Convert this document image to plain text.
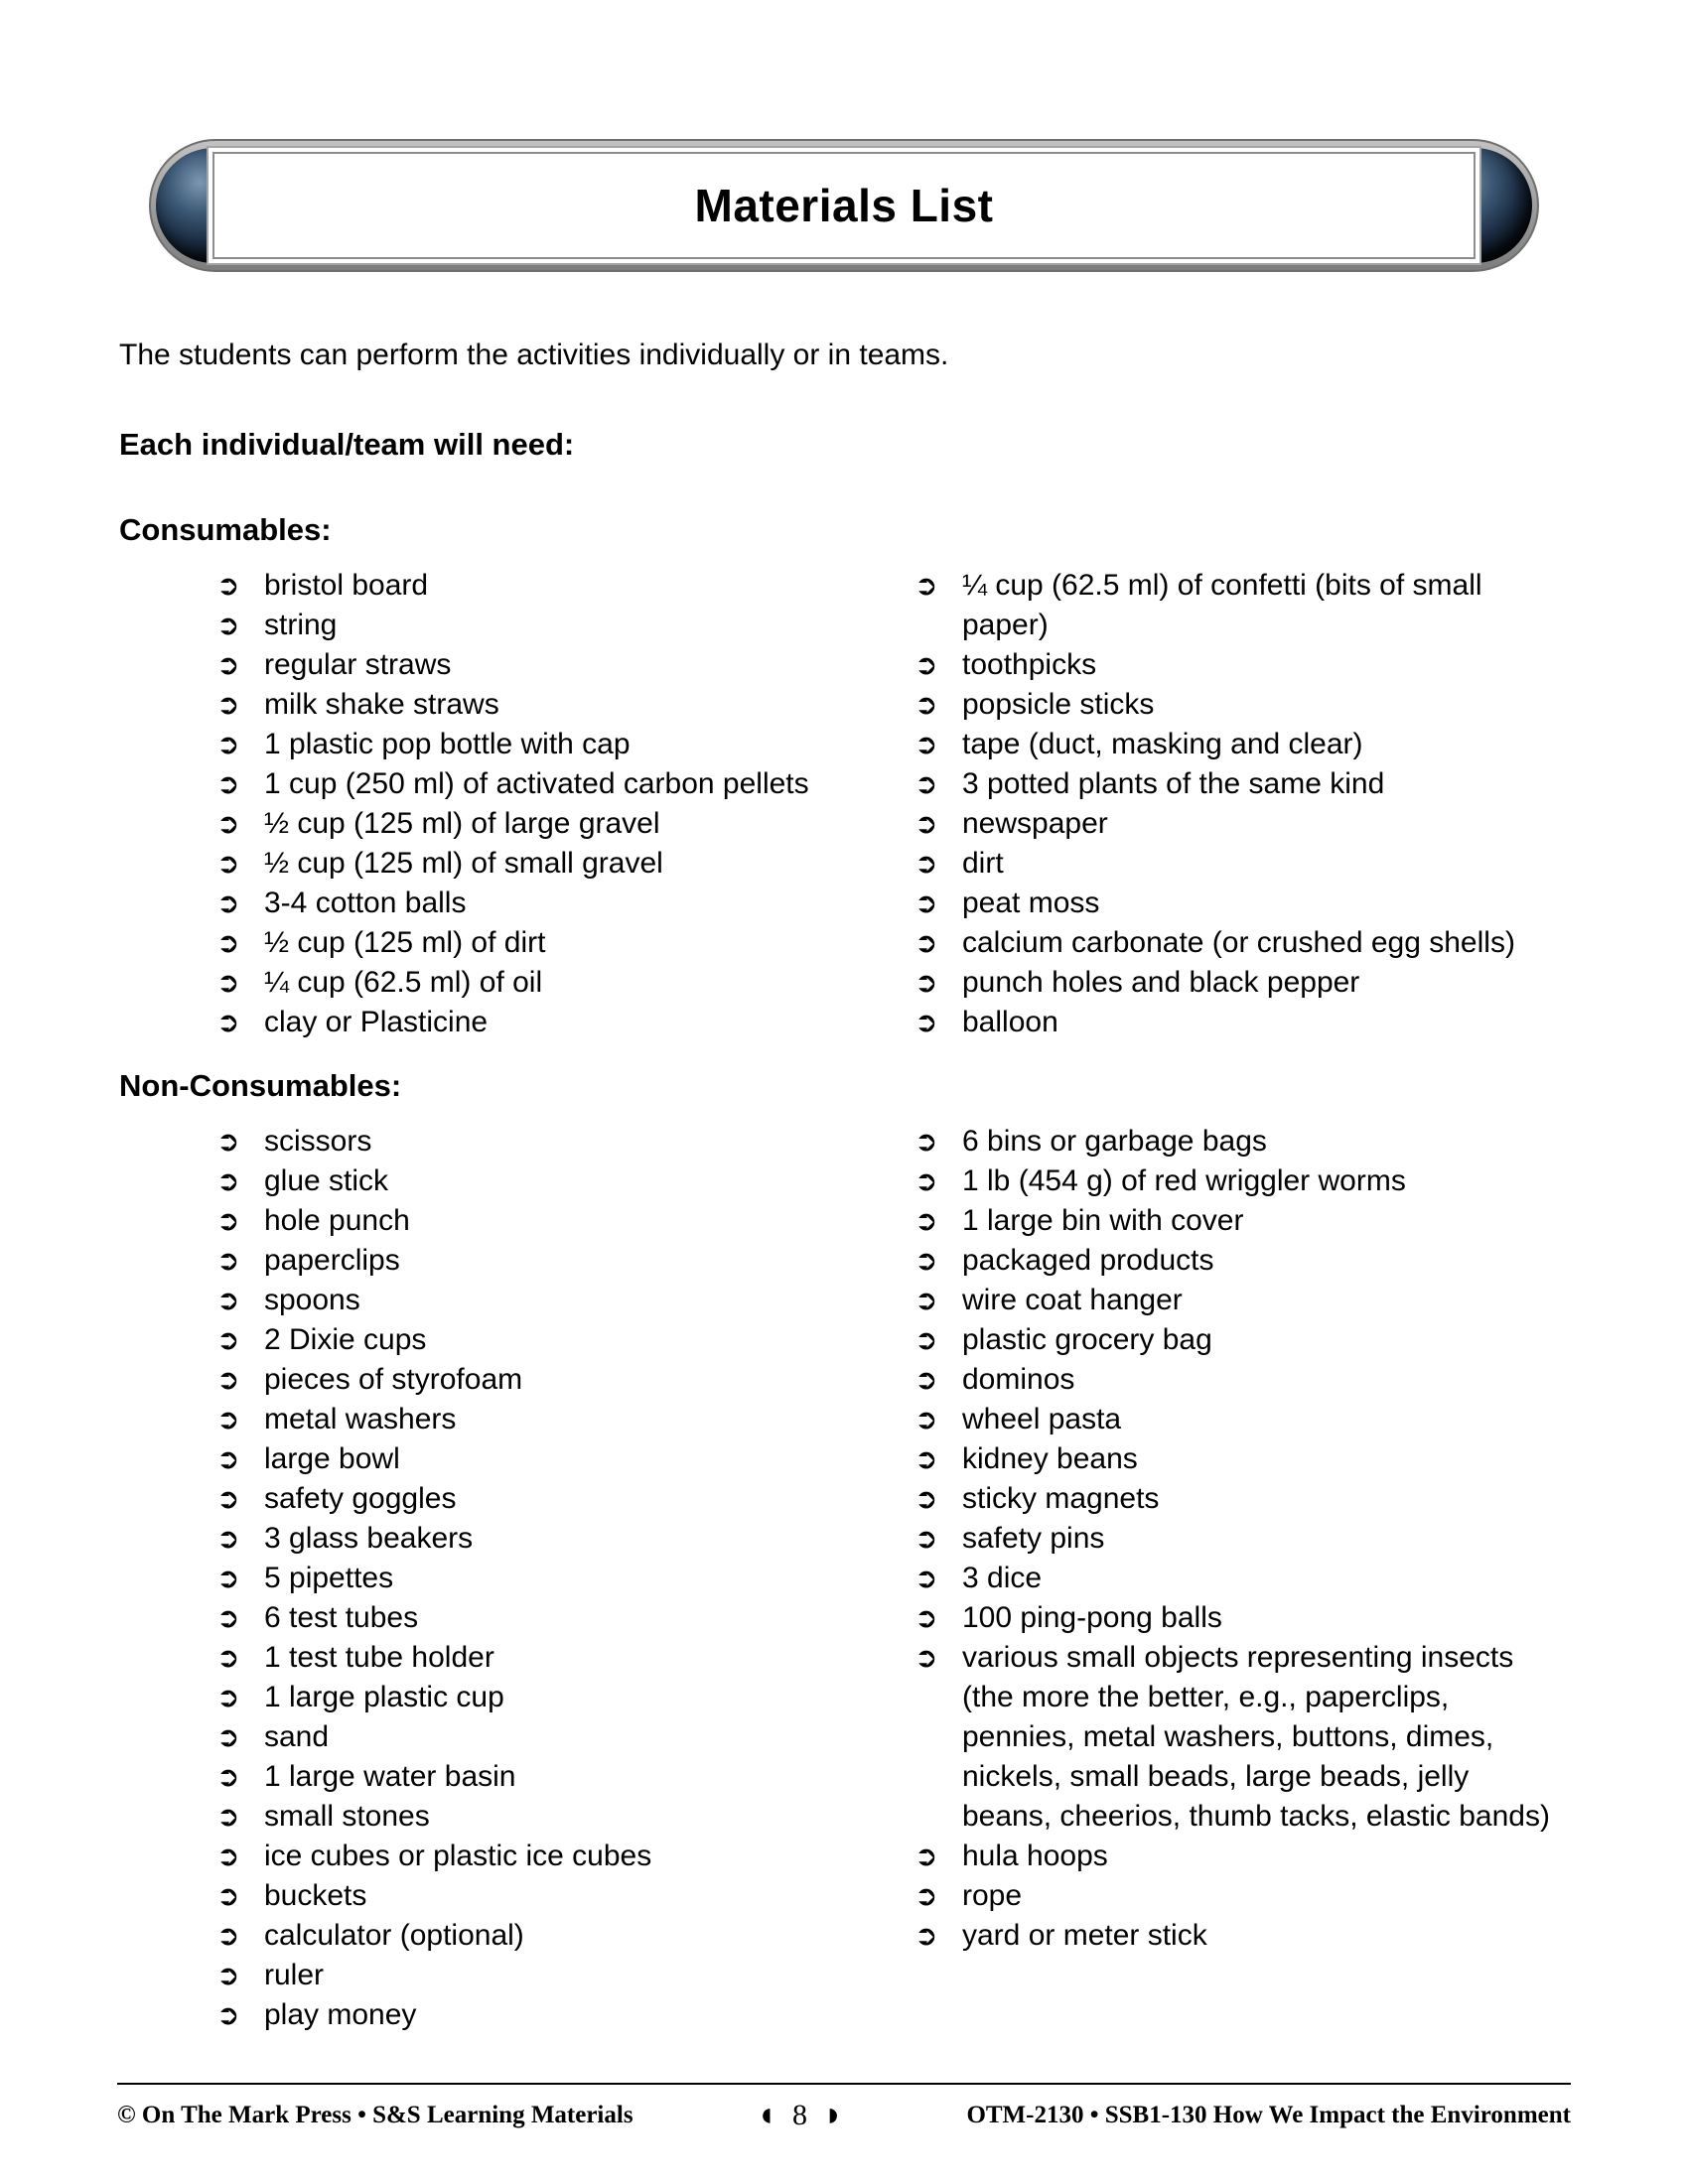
Materials List

The students can perform the activities individually or in teams.

Each individual/team will need:

Consumables:

➲ bristol board
➲ string
➲ regular straws
➲ milk shake straws
➲ 1 plastic pop bottle with cap
➲ 1 cup (250 ml) of activated carbon pellets
➲ ½ cup (125 ml) of large gravel
➲ ½ cup (125 ml) of small gravel
➲ 3-4 cotton balls
➲ ½ cup (125 ml) of dirt
➲ ¼ cup (62.5 ml) of oil
➲ clay or Plasticine
➲ ¼ cup (62.5 ml) of confetti (bits of small paper)
➲ toothpicks
➲ popsicle sticks
➲ tape (duct, masking and clear)
➲ 3 potted plants of the same kind
➲ newspaper
➲ dirt
➲ peat moss
➲ calcium carbonate (or crushed egg shells)
➲ punch holes and black pepper
➲ balloon

Non-Consumables:

➲ scissors
➲ glue stick
➲ hole punch
➲ paperclips
➲ spoons
➲ 2 Dixie cups
➲ pieces of styrofoam
➲ metal washers
➲ large bowl
➲ safety goggles
➲ 3 glass beakers
➲ 5 pipettes
➲ 6 test tubes
➲ 1 test tube holder
➲ 1 large plastic cup
➲ sand
➲ 1 large water basin
➲ small stones
➲ ice cubes or plastic ice cubes
➲ buckets
➲ calculator (optional)
➲ ruler
➲ play money
➲ 6 bins or garbage bags
➲ 1 lb (454 g) of red wriggler worms
➲ 1 large bin with cover
➲ packaged products
➲ wire coat hanger
➲ plastic grocery bag
➲ dominos
➲ wheel pasta
➲ kidney beans
➲ sticky magnets
➲ safety pins
➲ 3 dice
➲ 100 ping-pong balls
➲ various small objects representing insects (the more the better, e.g., paperclips, pennies, metal washers, buttons, dimes, nickels, small beads, large beads, jelly beans, cheerios, thumb tacks, elastic bands)
➲ hula hoops
➲ rope
➲ yard or meter stick
© On The Mark Press • S&S Learning Materials	◖ 8 ◗	OTM-2130 • SSB1-130 How We Impact the Environment
